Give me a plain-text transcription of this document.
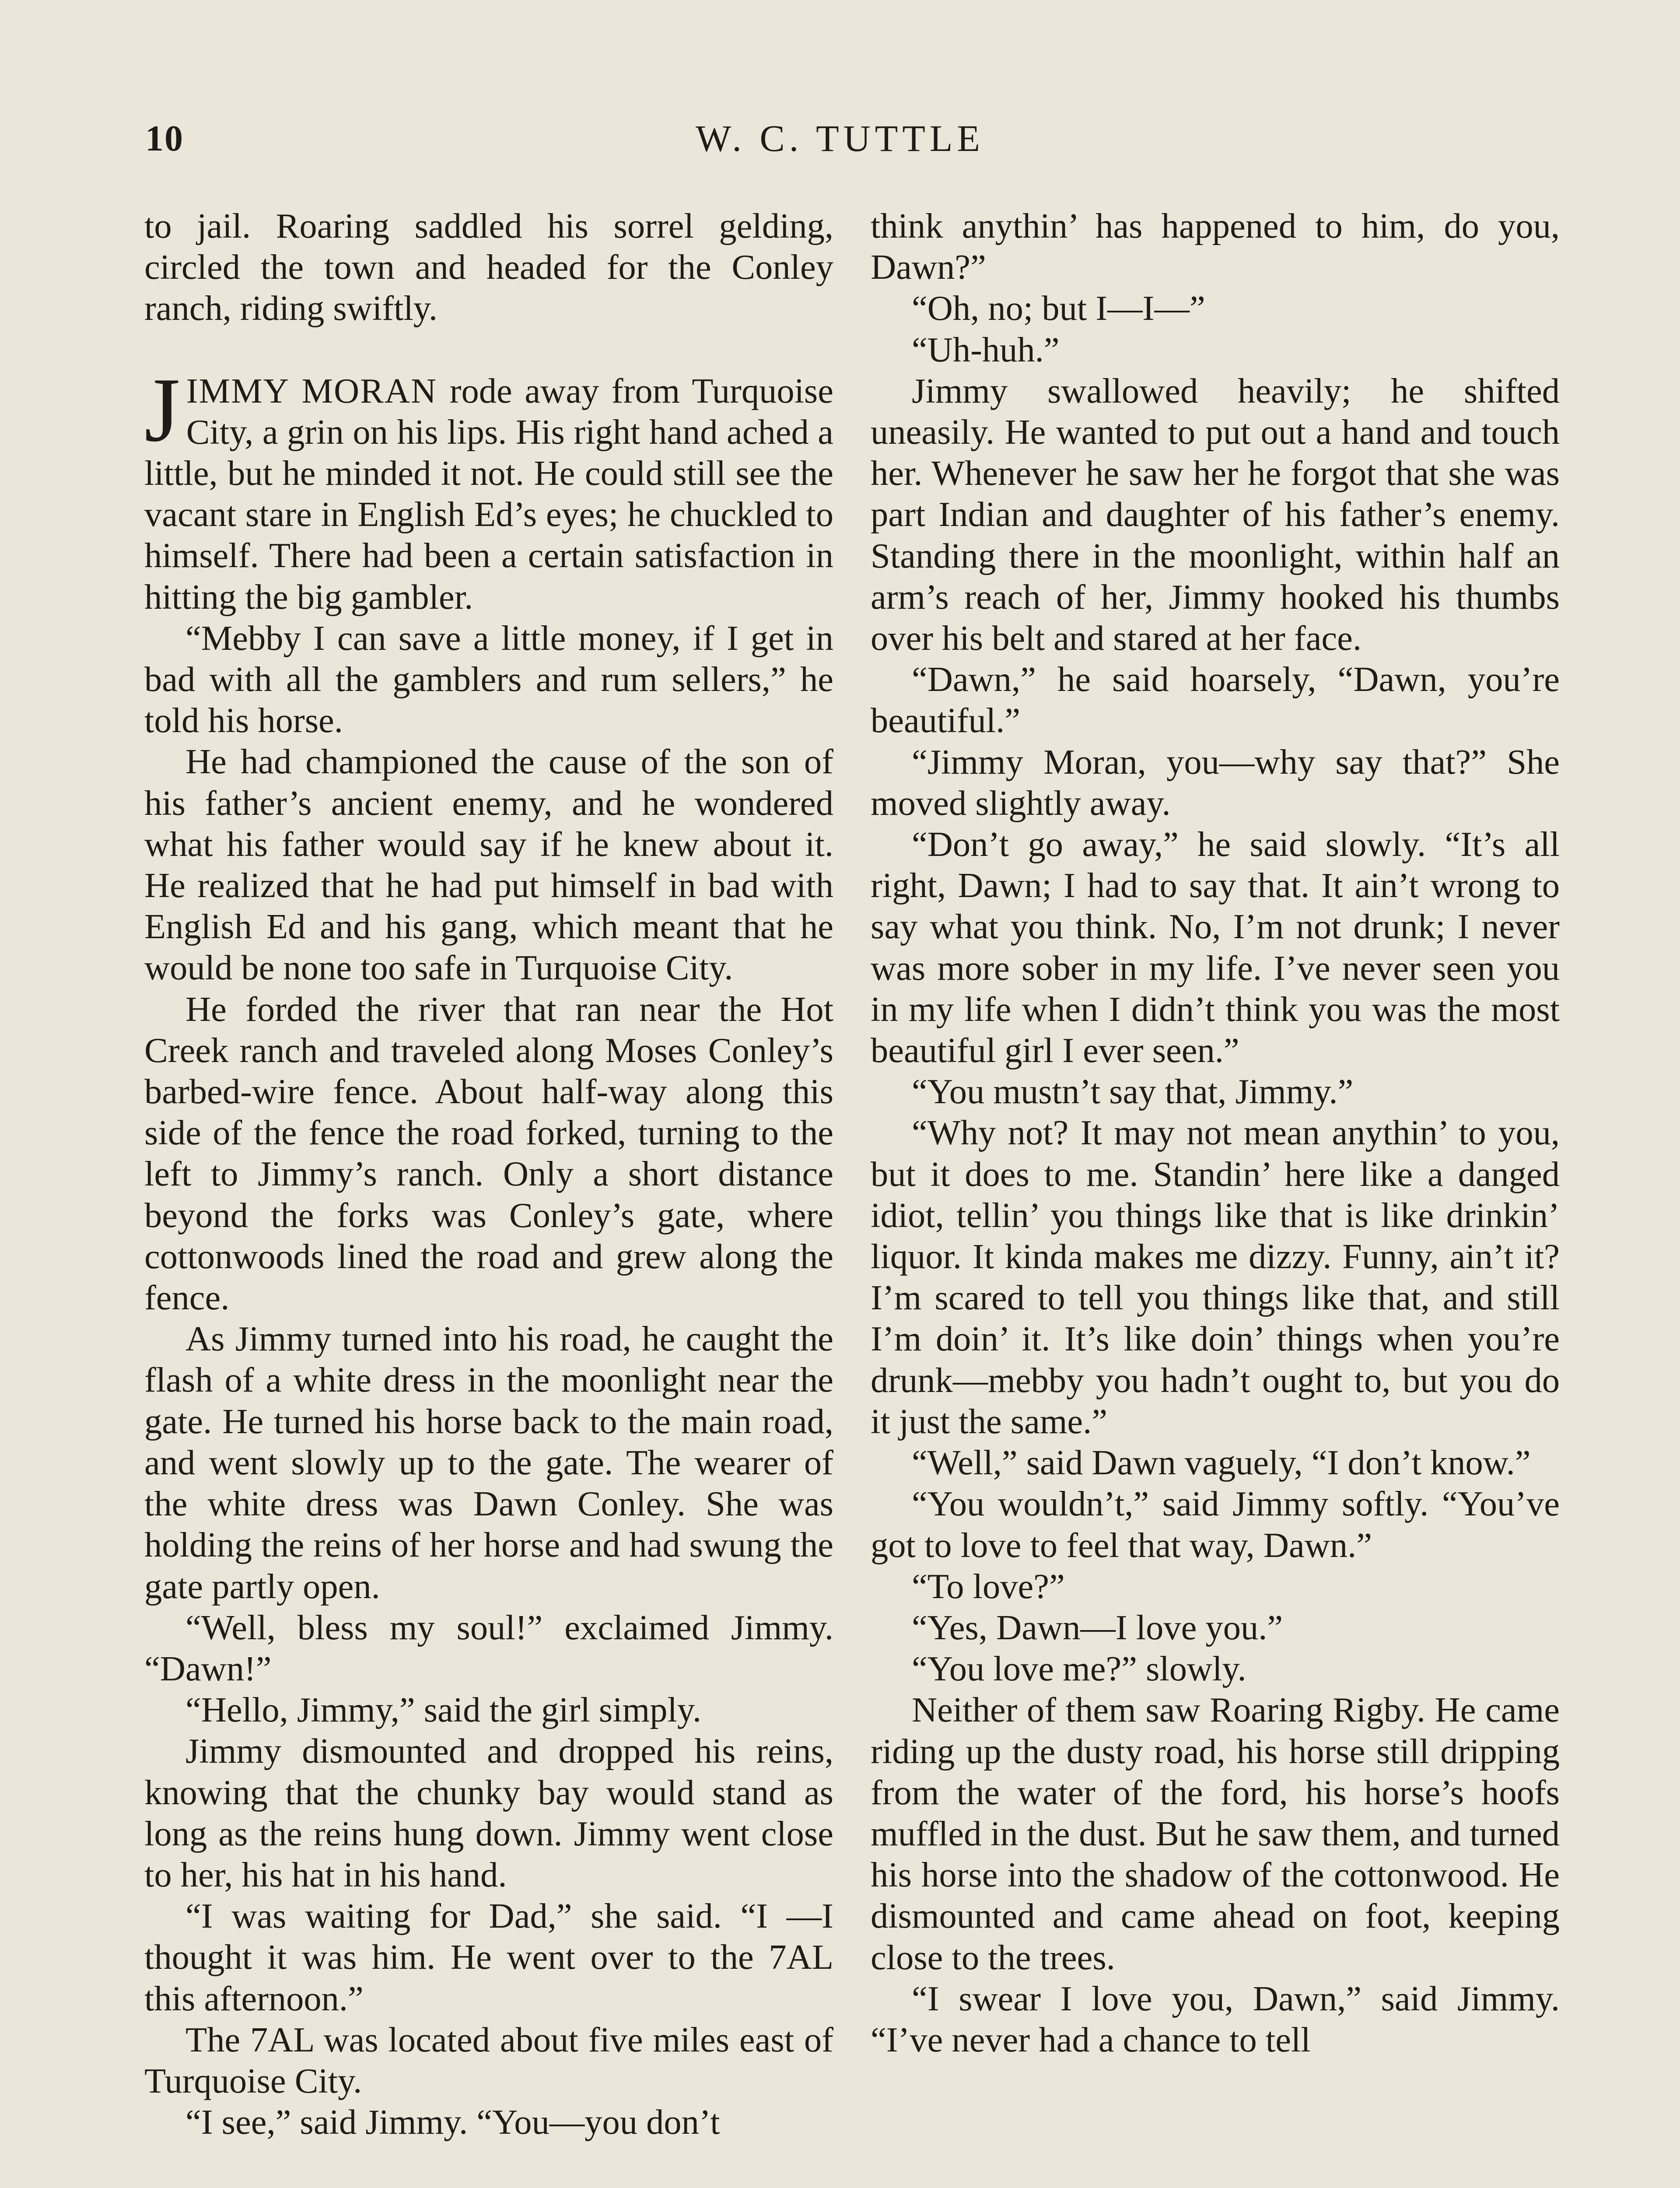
10	W. C. TUTTLE

to jail. Roaring saddled his sorrel gelding, circled the town and headed for the Conley ranch, riding swiftly.

JIMMY MORAN rode away from Turquoise City, a grin on his lips. His right hand ached a little, but he minded it not. He could still see the vacant stare in English Ed’s eyes; he chuckled to himself. There had been a certain satisfaction in hitting the big gambler.

“Mebby I can save a little money, if I get in bad with all the gamblers and rum sellers,” he told his horse.

He had championed the cause of the son of his father’s ancient enemy, and he wondered what his father would say if he knew about it. He realized that he had put himself in bad with English Ed and his gang, which meant that he would be none too safe in Turquoise City.

He forded the river that ran near the Hot Creek ranch and traveled along Moses Conley’s barbed-wire fence. About half-way along this side of the fence the road forked, turning to the left to Jimmy’s ranch. Only a short distance beyond the forks was Conley’s gate, where cottonwoods lined the road and grew along the fence.

As Jimmy turned into his road, he caught the flash of a white dress in the moonlight near the gate. He turned his horse back to the main road, and went slowly up to the gate. The wearer of the white dress was Dawn Conley. She was holding the reins of her horse and had swung the gate partly open.

“Well, bless my soul!” exclaimed Jimmy. “Dawn!”

“Hello, Jimmy,” said the girl simply.

Jimmy dismounted and dropped his reins, knowing that the chunky bay would stand as long as the reins hung down. Jimmy went close to her, his hat in his hand.

“I was waiting for Dad,” she said. “I —I thought it was him. He went over to the 7AL this afternoon.”

The 7AL was located about five miles east of Turquoise City.

“I see,” said Jimmy. “You—you don’t

think anythin’ has happened to him, do you, Dawn?”

“Oh, no; but I—I—”

“Uh-huh.”

Jimmy swallowed heavily; he shifted uneasily. He wanted to put out a hand and touch her. Whenever he saw her he forgot that she was part Indian and daughter of his father’s enemy. Standing there in the moonlight, within half an arm’s reach of her, Jimmy hooked his thumbs over his belt and stared at her face.

“Dawn,” he said hoarsely, “Dawn, you’re beautiful.”

“Jimmy Moran, you—why say that?” She moved slightly away.

“Don’t go away,” he said slowly. “It’s all right, Dawn; I had to say that. It ain’t wrong to say what you think. No, I’m not drunk; I never was more sober in my life. I’ve never seen you in my life when I didn’t think you was the most beautiful girl I ever seen.”

“You mustn’t say that, Jimmy.”

“Why not? It may not mean anythin’ to you, but it does to me. Standin’ here like a danged idiot, tellin’ you things like that is like drinkin’ liquor. It kinda makes me dizzy. Funny, ain’t it? I’m scared to tell you things like that, and still I’m doin’ it. It’s like doin’ things when you’re drunk—mebby you hadn’t ought to, but you do it just the same.”

“Well,” said Dawn vaguely, “I don’t know.”

“You wouldn’t,” said Jimmy softly. “You’ve got to love to feel that way, Dawn.”

“To love?”

“Yes, Dawn—I love you.”

“You love me?” slowly.

Neither of them saw Roaring Rigby. He came riding up the dusty road, his horse still dripping from the water of the ford, his horse’s hoofs muffled in the dust. But he saw them, and turned his horse into the shadow of the cottonwood. He dismounted and came ahead on foot, keeping close to the trees.

“I swear I love you, Dawn,” said Jimmy. “I’ve never had a chance to tell
